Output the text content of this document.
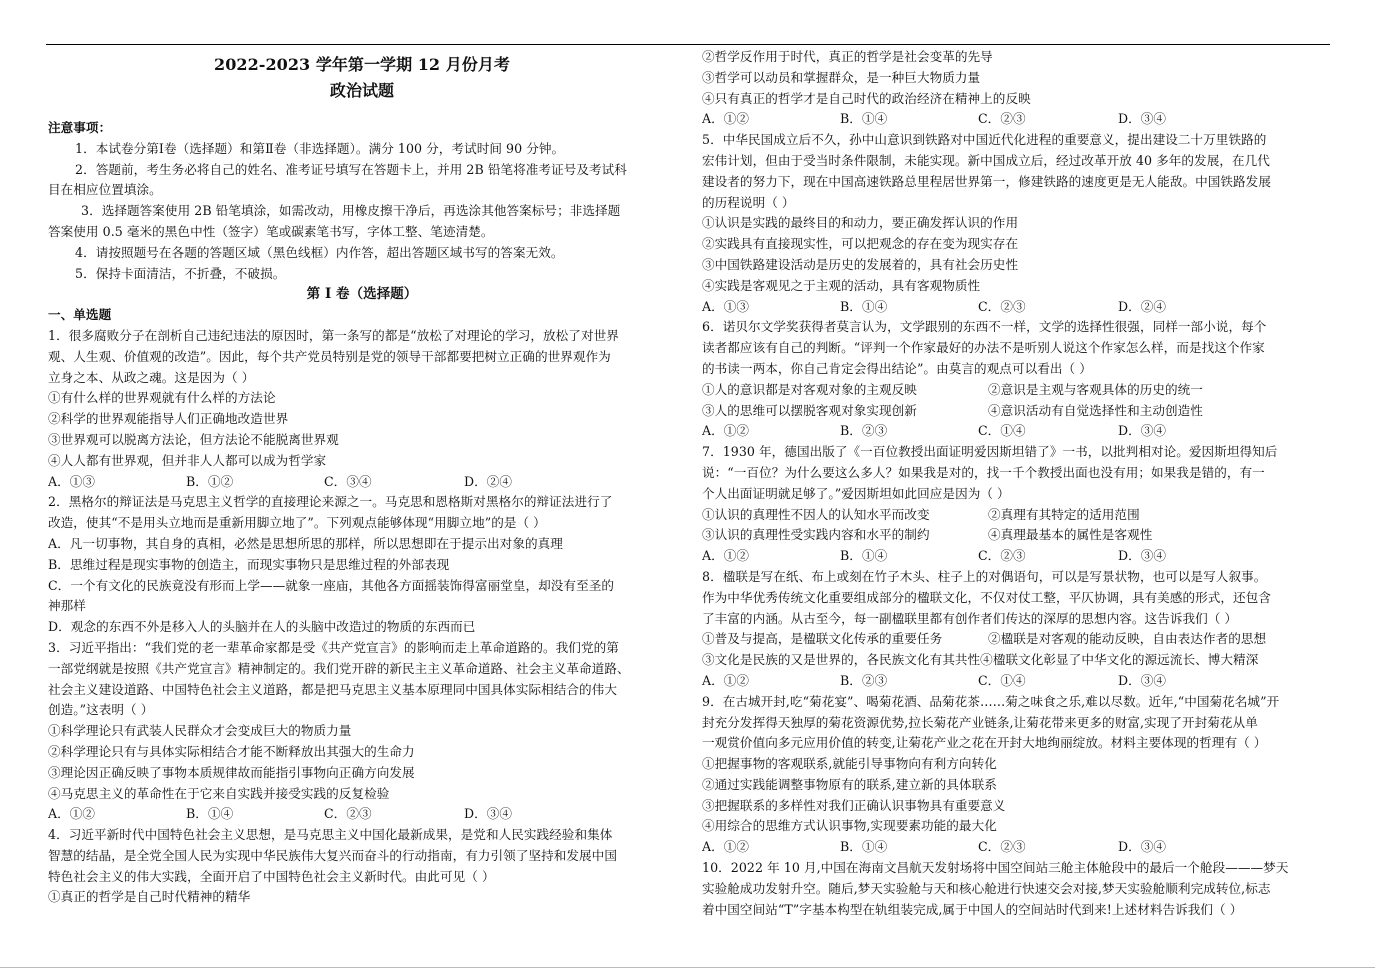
2022-2023 学年第一学期 12 月份月考
政治试题
注意事项：
1．本试卷分第Ⅰ卷（选择题）和第Ⅱ卷（非选择题）。满分 100 分，考试时间 90 分钟。
2．答题前，考生务必将自己的姓名、准考证号填写在答题卡上，并用 2B 铅笔将准考证号及考试科
目在相应位置填涂。
3．选择题答案使用 2B 铅笔填涂，如需改动，用橡皮擦干净后，再选涂其他答案标号；非选择题
答案使用 0.5 毫米的黑色中性（签字）笔或碳素笔书写，字体工整、笔迹清楚。
4．请按照题号在各题的答题区域（黑色线框）内作答，超出答题区域书写的答案无效。
5．保持卡面清洁，不折叠，不破损。
第 I 卷（选择题）
一、单选题
1．很多腐败分子在剖析自己违纪违法的原因时，第一条写的都是“放松了对理论的学习，放松了对世界
观、人生观、价值观的改造”。因此，每个共产党员特别是党的领导干部都要把树立正确的世界观作为
立身之本、从政之魂。这是因为（ ）
①有什么样的世界观就有什么样的方法论
②科学的世界观能指导人们正确地改造世界
③世界观可以脱离方法论，但方法论不能脱离世界观
④人人都有世界观，但并非人人都可以成为哲学家
A．①③	B．①②	C．③④	D．②④
2．黑格尔的辩证法是马克思主义哲学的直接理论来源之一。马克思和恩格斯对黑格尔的辩证法进行了
改造，使其“不是用头立地而是重新用脚立地了”。下列观点能够体现“用脚立地”的是（ ）
A．凡一切事物，其自身的真相，必然是思想所思的那样，所以思想即在于提示出对象的真理
B．思维过程是现实事物的创造主，而现实事物只是思维过程的外部表现
C．一个有文化的民族竟没有形而上学——就象一座庙，其他各方面摇装饰得富丽堂皇，却没有至圣的
神那样
D．观念的东西不外是移入人的头脑并在人的头脑中改造过的物质的东西而已
3．习近平指出：“我们党的老一辈革命家都是受《共产党宣言》的影响而走上革命道路的。我们党的第
一部党纲就是按照《共产党宣言》精神制定的。我们党开辟的新民主主义革命道路、社会主义革命道路、
社会主义建设道路、中国特色社会主义道路，都是把马克思主义基本原理同中国具体实际相结合的伟大
创造。”这表明（ ）
①科学理论只有武装人民群众才会变成巨大的物质力量
②科学理论只有与具体实际相结合才能不断释放出其强大的生命力
③理论因正确反映了事物本质规律故而能指引事物向正确方向发展
④马克思主义的革命性在于它来自实践并接受实践的反复检验
A．①②	B．①④	C．②③	D．③④
4．习近平新时代中国特色社会主义思想，是马克思主义中国化最新成果，是党和人民实践经验和集体
智慧的结晶，是全党全国人民为实现中华民族伟大复兴而奋斗的行动指南，有力引领了坚持和发展中国
特色社会主义的伟大实践，全面开启了中国特色社会主义新时代。由此可见（ ）
①真正的哲学是自己时代精神的精华
②哲学反作用于时代，真正的哲学是社会变革的先导
③哲学可以动员和掌握群众，是一种巨大物质力量
④只有真正的哲学才是自己时代的政治经济在精神上的反映
A．①②	B．①④	C．②③	D．③④
5．中华民国成立后不久，孙中山意识到铁路对中国近代化进程的重要意义，提出建设二十万里铁路的
宏伟计划，但由于受当时条件限制，未能实现。新中国成立后，经过改革开放 40 多年的发展，在几代
建设者的努力下，现在中国高速铁路总里程居世界第一，修建铁路的速度更是无人能敌。中国铁路发展
的历程说明（ ）
①认识是实践的最终目的和动力，要正确发挥认识的作用
②实践具有直接现实性，可以把观念的存在变为现实存在
③中国铁路建设活动是历史的发展着的，具有社会历史性
④实践是客观见之于主观的活动，具有客观物质性
A．①③	B．①④	C．②③	D．②④
6．诺贝尔文学奖获得者莫言认为，文学跟别的东西不一样，文学的选择性很强，同样一部小说，每个
读者都应该有自己的判断。“评判一个作家最好的办法不是听别人说这个作家怎么样，而是找这个作家
的书读一两本，你自己肯定会得出结论”。由莫言的观点可以看出（ ）
①人的意识都是对客观对象的主观反映	②意识是主观与客观具体的历史的统一
③人的思维可以摆脱客观对象实现创新	④意识活动有自觉选择性和主动创造性
A．①②	B．②③	C．①④	D．③④
7．1930 年，德国出版了《一百位教授出面证明爱因斯坦错了》一书，以批判相对论。爱因斯坦得知后
说：“一百位？为什么要这么多人？如果我是对的，找一千个教授出面也没有用；如果我是错的，有一
个人出面证明就足够了。”爱因斯坦如此回应是因为（ ）
①认识的真理性不因人的认知水平而改变	②真理有其特定的适用范围
③认识的真理性受实践内容和水平的制约	④真理最基本的属性是客观性
A．①②	B．①④	C．②③	D．③④
8．楹联是写在纸、布上或刻在竹子木头、柱子上的对偶语句，可以是写景状物，也可以是写人叙事。
作为中华优秀传统文化重要组成部分的楹联文化，不仅对仗工整，平仄协调，具有美感的形式，还包含
了丰富的内涵。从古至今，每一副楹联里都有创作者们传达的深厚的思想内容。这告诉我们（ ）
①普及与提高，是楹联文化传承的重要任务	②楹联是对客观的能动反映，自由表达作者的思想
③文化是民族的又是世界的，各民族文化有其共性④楹联文化彰显了中华文化的源远流长、博大精深
A．①②	B．②③	C．①④	D．③④
9．在古城开封,吃“菊花宴”、喝菊花酒、品菊花茶……菊之味食之乐,难以尽数。近年,“中国菊花名城”开
封充分发挥得天独厚的菊花资源优势,拉长菊花产业链条,让菊花带来更多的财富,实现了开封菊花从单
一观赏价值向多元应用价值的转变,让菊花产业之花在开封大地绚丽绽放。材料主要体现的哲理有（ ）
①把握事物的客观联系,就能引导事物向有利方向转化
②通过实践能调整事物原有的联系,建立新的具体联系
③把握联系的多样性对我们正确认识事物具有重要意义
④用综合的思维方式认识事物,实现要素功能的最大化
A．①②	B．①④	C．②③	D．③④
10．2022 年 10 月,中国在海南文昌航天发射场将中国空间站三舱主体舱段中的最后一个舱段———梦天
实验舱成功发射升空。随后,梦天实验舱与天和核心舱进行快速交会对接,梦天实验舱顺利完成转位,标志
着中国空间站“T”字基本构型在轨组装完成,属于中国人的空间站时代到来!上述材料告诉我们（ ）
